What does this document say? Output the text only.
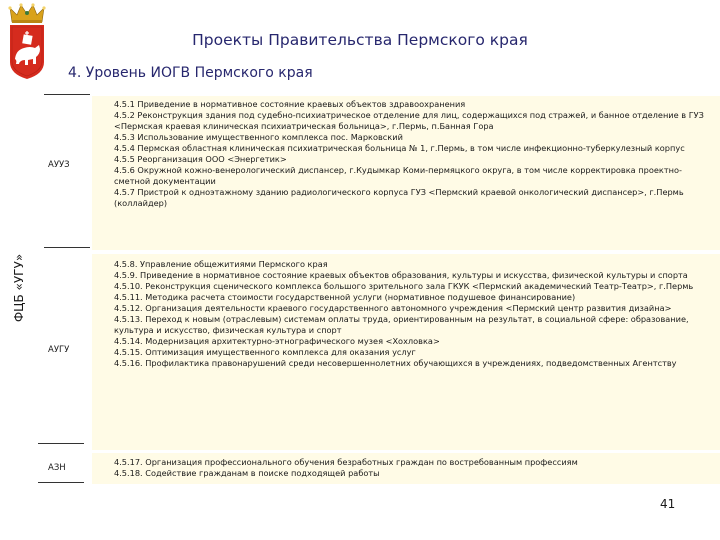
Проекты Правительства Пермского края
4. Уровень ИОГВ Пермского края
ФЦБ «УГУ»
АУУЗ
4.5.1 Приведение в нормативное состояние краевых объектов здравоохранения
4.5.2 Реконструкция здания под судебно-психиатрическое отделение для лиц, содержащихся под стражей, и банное отделение в ГУЗ <Пермская краевая клиническая психиатрическая больница>, г.Пермь, п.Банная Гора
4.5.3 Использование имущественного комплекса пос. Марковский
4.5.4 Пермская областная клиническая психиатрическая больница № 1, г.Пермь, в том числе инфекционно-туберкулезный корпус
4.5.5 Реорганизация ООО <Энергетик>
4.5.6 Окружной кожно-венерологический диспансер, г.Кудымкар Коми-пермяцкого округа, в том числе корректировка проектно-сметной документации
4.5.7 Пристрой к одноэтажному зданию радиологического корпуса ГУЗ <Пермский краевой онкологический диспансер>, г.Пермь (коллайдер)
АУГУ
4.5.8. Управление общежитиями Пермского края
4.5.9. Приведение в нормативное состояние краевых объектов образования, культуры и искусства, физической культуры и спорта
4.5.10. Реконструкция сценического комплекса большого зрительного зала ГКУК <Пермский академический Театр-Театр>, г.Пермь
4.5.11. Методика расчета стоимости государственной услуги (нормативное подушевое финансирование)
4.5.12. Организация деятельности краевого государственного автономного учреждения <Пермский центр развития дизайна>
4.5.13. Переход к новым (отраслевым) системам оплаты труда, ориентированным на результат, в социальной сфере: образование, культура и искусство, физическая культура и спорт
4.5.14. Модернизация архитектурно-этнографического музея <Хохловка>
4.5.15. Оптимизация имущественного комплекса для оказания услуг
4.5.16. Профилактика правонарушений среди несовершеннолетних обучающихся в учреждениях, подведомственных Агентству
АЗН
4.5.17. Организация профессионального обучения безработных граждан по востребованным профессиям
4.5.18. Содействие гражданам в поиске подходящей работы
41
